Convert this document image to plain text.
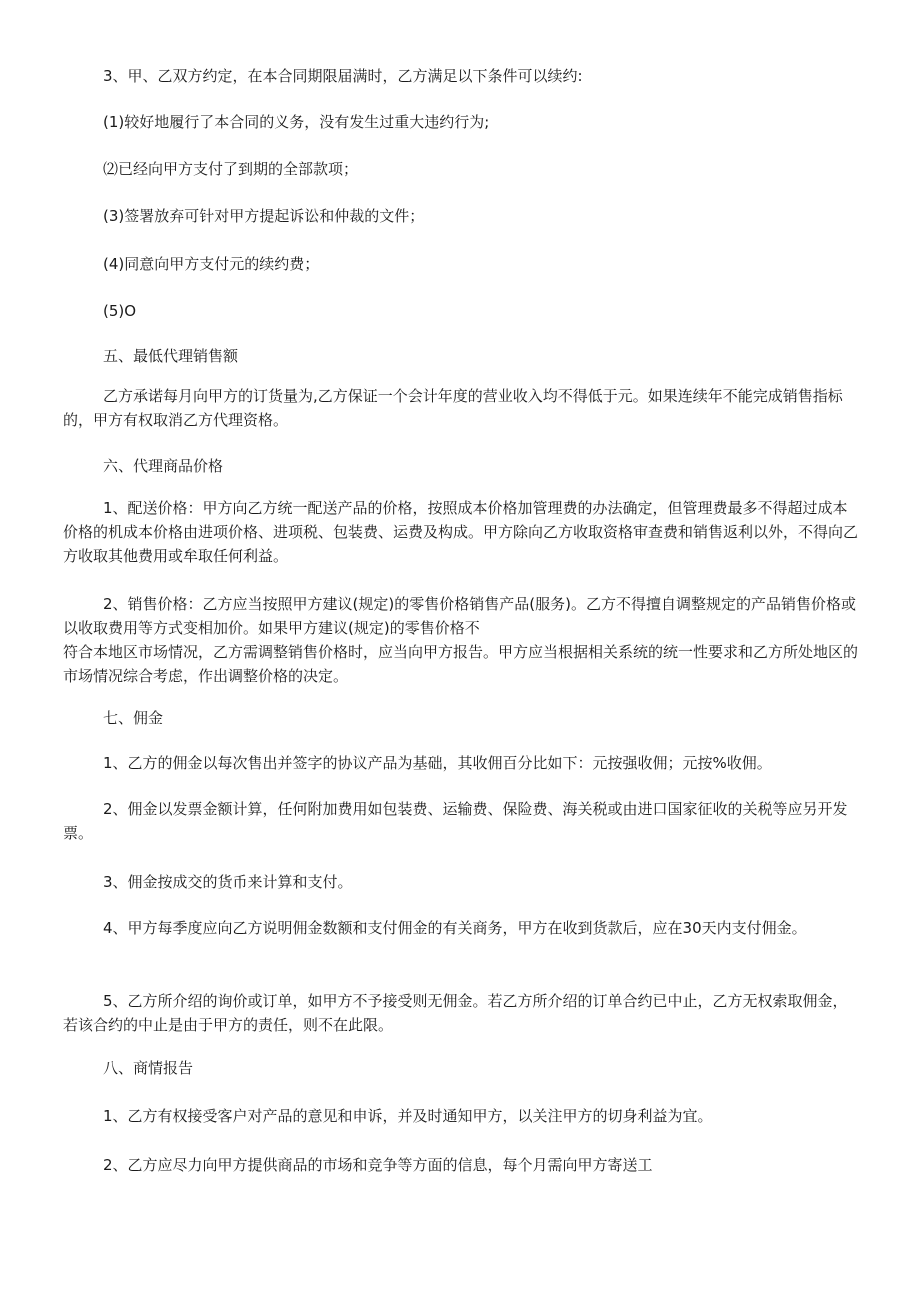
3、甲、乙双方约定，在本合同期限届满时，乙方满足以下条件可以续约:

(1)较好地履行了本合同的义务，没有发生过重大违约行为;

⑵已经向甲方支付了到期的全部款项；

(3)签署放弃可针对甲方提起诉讼和仲裁的文件；

(4)同意向甲方支付元的续约费；

(5)O

五、最低代理销售额

乙方承诺每月向甲方的订货量为,乙方保证一个会计年度的营业收入均不得低于元。如果连续年不能完成销售指标的，甲方有权取消乙方代理资格。

六、代理商品价格

1、配送价格：甲方向乙方统一配送产品的价格，按照成本价格加管理费的办法确定，但管理费最多不得超过成本价格的机成本价格由进项价格、进项税、包装费、运费及构成。甲方除向乙方收取资格审查费和销售返利以外，不得向乙方收取其他费用或牟取任何利益。

2、销售价格：乙方应当按照甲方建议(规定)的零售价格销售产品(服务)。乙方不得擅自调整规定的产品销售价格或以收取费用等方式变相加价。如果甲方建议(规定)的零售价格不

符合本地区市场情况，乙方需调整销售价格时，应当向甲方报告。甲方应当根据相关系统的统一性要求和乙方所处地区的市场情况综合考虑，作出调整价格的决定。

七、佣金

1、乙方的佣金以每次售出并签字的协议产品为基础，其收佣百分比如下：元按强收佣；元按%收佣。

2、佣金以发票金额计算，任何附加费用如包装费、运输费、保险费、海关税或由进口国家征收的关税等应另开发票。

3、佣金按成交的货币来计算和支付。

4、甲方每季度应向乙方说明佣金数额和支付佣金的有关商务，甲方在收到货款后，应在30天内支付佣金。

5、乙方所介绍的询价或订单，如甲方不予接受则无佣金。若乙方所介绍的订单合约已中止，乙方无权索取佣金，若该合约的中止是由于甲方的责任，则不在此限。

八、商情报告

1、乙方有权接受客户对产品的意见和申诉，并及时通知甲方，以关注甲方的切身利益为宜。

2、乙方应尽力向甲方提供商品的市场和竞争等方面的信息，每个月需向甲方寄送工
